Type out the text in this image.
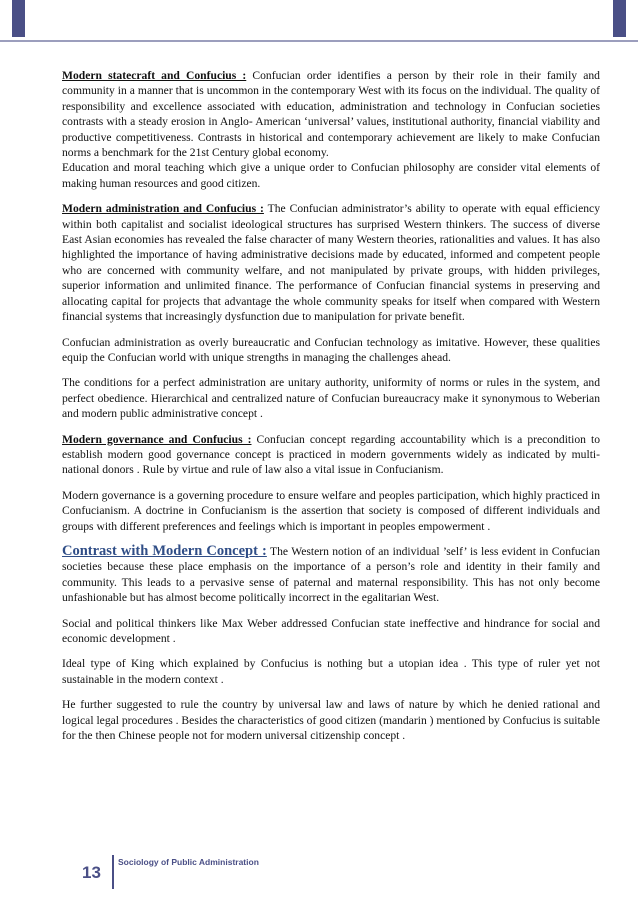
Modern statecraft and Confucius : Confucian order identifies a person by their role in their family and community in a manner that is uncommon in the contemporary West with its focus on the individual. The quality of responsibility and excellence associated with education, administration and technology in Confucian societies contrasts with a steady erosion in Anglo- American ‘universal’ values, institutional authority, financial viability and productive competitiveness. Contrasts in historical and contemporary achievement are likely to make Confucian norms a benchmark for the 21st Century global economy.

Education and moral teaching which give a unique order to Confucian philosophy are consider vital elements of making human resources and good citizen.

Modern administration and Confucius : The Confucian administrator’s ability to operate with equal efficiency within both capitalist and socialist ideological structures has surprised Western thinkers. The success of diverse East Asian economies has revealed the false character of many Western theories, rationalities and values. It has also highlighted the importance of having administrative decisions made by educated, informed and competent people who are concerned with community welfare, and not manipulated by private groups, with hidden privileges, superior information and unlimited finance. The performance of Confucian financial systems in preserving and allocating capital for projects that advantage the whole community speaks for itself when compared with Western financial systems that increasingly dysfunction due to manipulation for private benefit.

Confucian administration as overly bureaucratic and Confucian technology as imitative. However, these qualities equip the Confucian world with unique strengths in managing the challenges ahead.

The conditions for a perfect administration are unitary authority, uniformity of norms or rules in the system, and perfect obedience. Hierarchical and centralized nature of Confucian bureaucracy make it synonymous to Weberian and modern public administrative concept .

Modern governance and Confucius : Confucian concept regarding accountability which is a precondition to establish modern good governance concept is practiced in modern governments widely as indicated by multi-national donors . Rule by virtue and rule of law also a vital issue in Confucianism.

Modern governance is a governing procedure to ensure welfare and peoples participation, which highly practiced in Confucianism. A doctrine in Confucianism is the assertion that society is composed of different individuals and groups with different preferences and feelings which is important in peoples empowerment .

Contrast with Modern Concept : The Western notion of an individual ’self’ is less evident in Confucian societies because these place emphasis on the importance of a person’s role and identity in their family and community. This leads to a pervasive sense of paternal and maternal responsibility. This has not only become unfashionable but has almost become politically incorrect in the egalitarian West.

Social and political thinkers like Max Weber addressed Confucian state ineffective and hindrance for social and economic development .

Ideal type of King which explained by Confucius is nothing but a utopian idea . This type of ruler yet not sustainable in the modern context .

He further suggested to rule the country by universal law and laws of nature by which he denied rational and logical legal procedures . Besides the characteristics of good citizen (mandarin ) mentioned by Confucius is suitable for the then Chinese people not for modern universal citizenship concept .

13
Sociology of Public Administration
